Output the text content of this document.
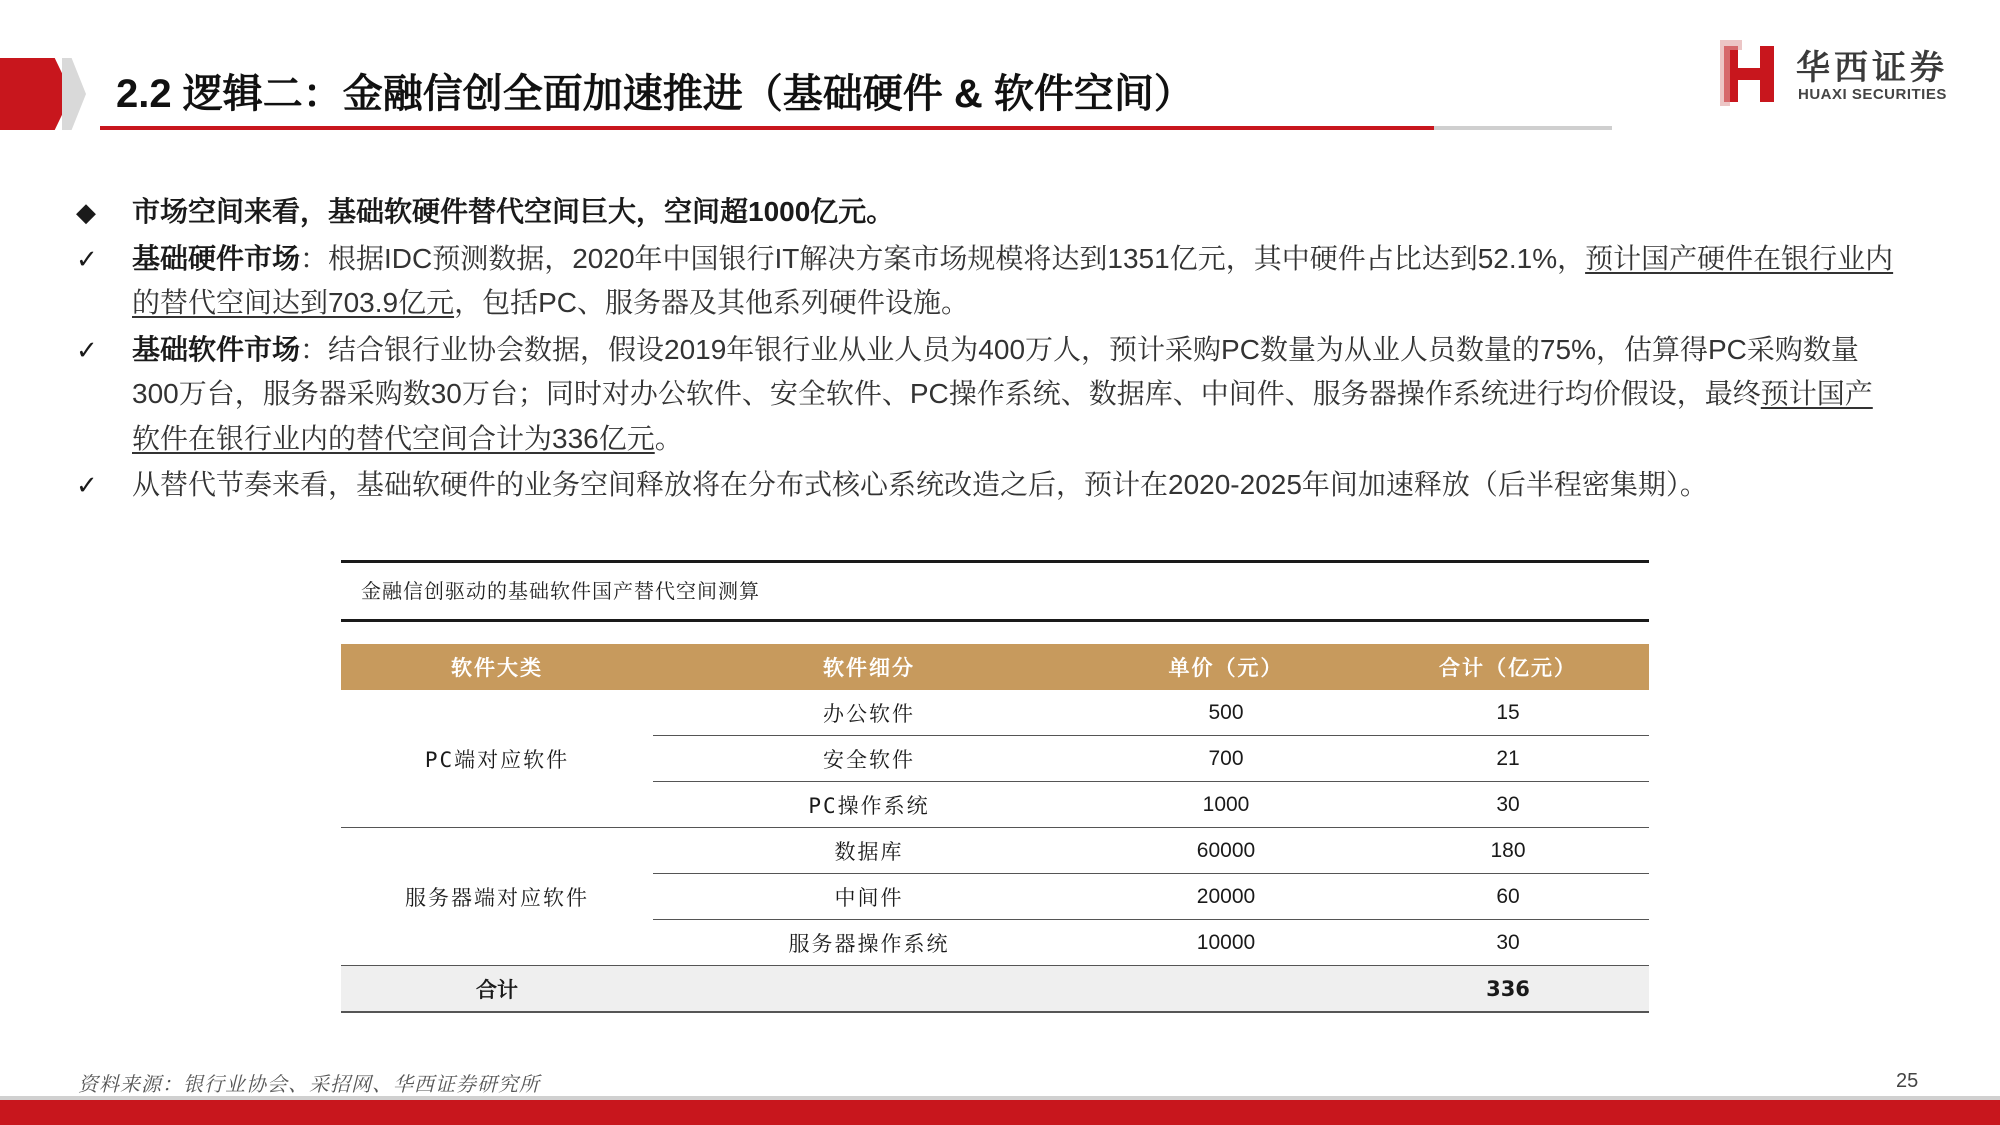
2.2 逻辑二：金融信创全面加速推进（基础硬件 & 软件空间）
华西证券
HUAXI SECURITIES
◆	市场空间来看，基础软硬件替代空间巨大，空间超1000亿元。
✓	基础硬件市场：根据IDC预测数据，2020年中国银行IT解决方案市场规模将达到1351亿元，其中硬件占比达到52.1%，预计国产硬件在银行业内的替代空间达到703.9亿元，包括PC、服务器及其他系列硬件设施。
✓	基础软件市场：结合银行业协会数据，假设2019年银行业从业人员为400万人，预计采购PC数量为从业人员数量的75%，估算得PC采购数量300万台，服务器采购数30万台；同时对办公软件、安全软件、PC操作系统、数据库、中间件、服务器操作系统进行均价假设，最终预计国产软件在银行业内的替代空间合计为336亿元。
✓	从替代节奏来看，基础软硬件的业务空间释放将在分布式核心系统改造之后，预计在2020-2025年间加速释放（后半程密集期）。
金融信创驱动的基础软件国产替代空间测算
软件大类	软件细分	单价（元）	合计（亿元）
PC端对应软件	办公软件	500	15
	安全软件	700	21
	PC操作系统	1000	30
服务器端对应软件	数据库	60000	180
	中间件	20000	60
	服务器操作系统	10000	30
合计			336
资料来源：银行业协会、采招网、华西证券研究所	25
